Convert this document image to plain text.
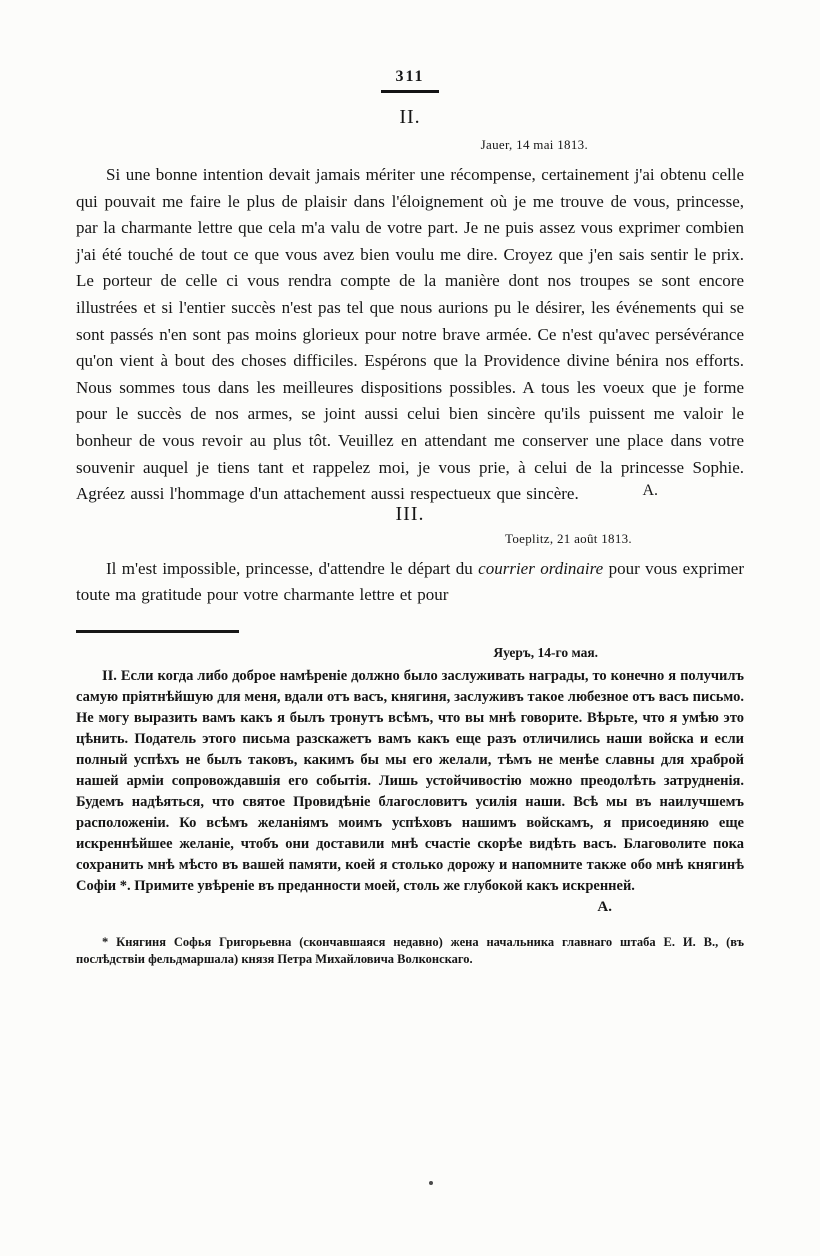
311
II.
Jauer, 14 mai 1813.

Si une bonne intention devait jamais mériter une récompense, certainement j'ai obtenu celle qui pouvait me faire le plus de plaisir dans l'éloignement où je me trouve de vous, princesse, par la charmante lettre que cela m'a valu de votre part. Je ne puis assez vous exprimer combien j'ai été touché de tout ce que vous avez bien voulu me dire. Croyez que j'en sais sentir le prix. Le porteur de celle ci vous rendra compte de la manière dont nos troupes se sont encore illustrées et si l'entier succès n'est pas tel que nous aurions pu le désirer, les événements qui se sont passés n'en sont pas moins glorieux pour notre brave armée. Ce n'est qu'avec persévérance qu'on vient à bout des choses difficiles. Espérons que la Providence divine bénira nos efforts. Nous sommes tous dans les meilleures dispositions possibles. A tous les voeux que je forme pour le succès de nos armes, se joint aussi celui bien sincère qu'ils puissent me valoir le bonheur de vous revoir au plus tôt. Veuillez en attendant me conserver une place dans votre souvenir auquel je tiens tant et rappelez moi, je vous prie, à celui de la princesse Sophie. Agréez aussi l'hommage d'un attachement aussi respectueux que sincère.	A.
III.
Toeplitz, 21 août 1813.

Il m'est impossible, princesse, d'attendre le départ du courrier ordinaire pour vous exprimer toute ma gratitude pour votre charmante lettre et pour

Яуеръ, 14-го мая.

II. Если когда либо доброе намѣреніе должно было заслуживать награды, то конечно я получилъ самую пріятнѣйшую для меня, вдали отъ васъ, княгиня, заслуживъ такое любезное отъ васъ письмо. Не могу выразить вамъ какъ я былъ тронутъ всѣмъ, что вы мнѣ говорите. Вѣрьте, что я умѣю это цѣнить. Податель этого письма разскажетъ вамъ какъ еще разъ отличились наши войска и если полный успѣхъ не былъ таковъ, какимъ бы мы его желали, тѣмъ не менѣе славны для храброй нашей арміи сопровождавшія его событія. Лишь устойчивостію можно преодолѣть затрудненія. Будемъ надѣяться, что святое Провидѣніе благословитъ усилія наши. Всѣ мы въ наилучшемъ расположеніи. Ко всѣмъ желаніямъ моимъ успѣховъ нашимъ войскамъ, я присоединяю еще искреннѣйшее желаніе, чтобъ они доставили мнѣ счастіе скорѣе видѣть васъ. Благоволите пока сохранить мнѣ мѣсто въ вашей памяти, коей я столько дорожу и напомните также обо мнѣ княгинѣ Софіи *. Примите увѣреніе въ преданности моей, столь же глубокой какъ искренней.

А.

* Княгиня Софья Григорьевна (скончавшаяся недавно) жена начальника главнаго штаба Е. И. В., (въ послѣдствіи фельдмаршала) князя Петра Михайловича Волконскаго.
